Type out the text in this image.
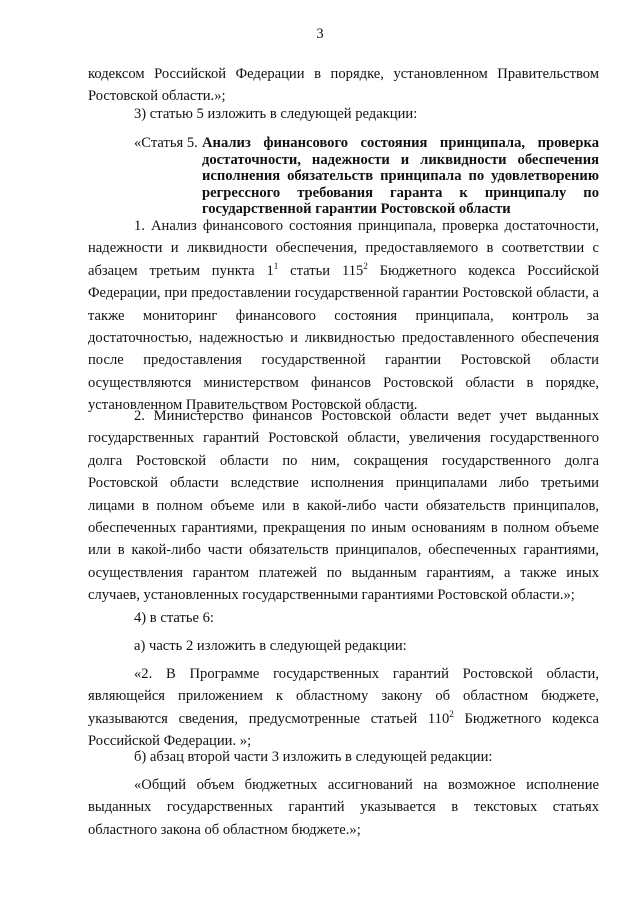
3

кодексом Российской Федерации в порядке, установленном Правительством Ростовской области.»;

3) статью 5 изложить в следующей редакции:

«Статья 5. Анализ финансового состояния принципала, проверка достаточности, надежности и ликвидности обеспечения исполнения обязательств принципала по удовлетворению регрессного требования гаранта к принципалу по государственной гарантии Ростовской области

1. Анализ финансового состояния принципала, проверка достаточности, надежности и ликвидности обеспечения, предоставляемого в соответствии с абзацем третьим пункта $1^1$ статьи $115^2$ Бюджетного кодекса Российской Федерации, при предоставлении государственной гарантии Ростовской области, а также мониторинг финансового состояния принципала, контроль за достаточностью, надежностью и ликвидностью предоставленного обеспечения после предоставления государственной гарантии Ростовской области осуществляются министерством финансов Ростовской области в порядке, установленном Правительством Ростовской области.

2. Министерство финансов Ростовской области ведет учет выданных государственных гарантий Ростовской области, увеличения государственного долга Ростовской области по ним, сокращения государственного долга Ростовской области вследствие исполнения принципалами либо третьими лицами в полном объеме или в какой-либо части обязательств принципалов, обеспеченных гарантиями, прекращения по иным основаниям в полном объеме или в какой-либо части обязательств принципалов, обеспеченных гарантиями, осуществления гарантом платежей по выданным гарантиям, а также иных случаев, установленных государственными гарантиями Ростовской области.»;

4) в статье 6:

а) часть 2 изложить в следующей редакции:

«2. В Программе государственных гарантий Ростовской области, являющейся приложением к областному закону об областном бюджете, указываются сведения, предусмотренные статьей $110^2$ Бюджетного кодекса Российской Федерации. »;

б) абзац второй части 3 изложить в следующей редакции:

«Общий объем бюджетных ассигнований на возможное исполнение выданных государственных гарантий указывается в текстовых статьях областного закона об областном бюджете.»;
